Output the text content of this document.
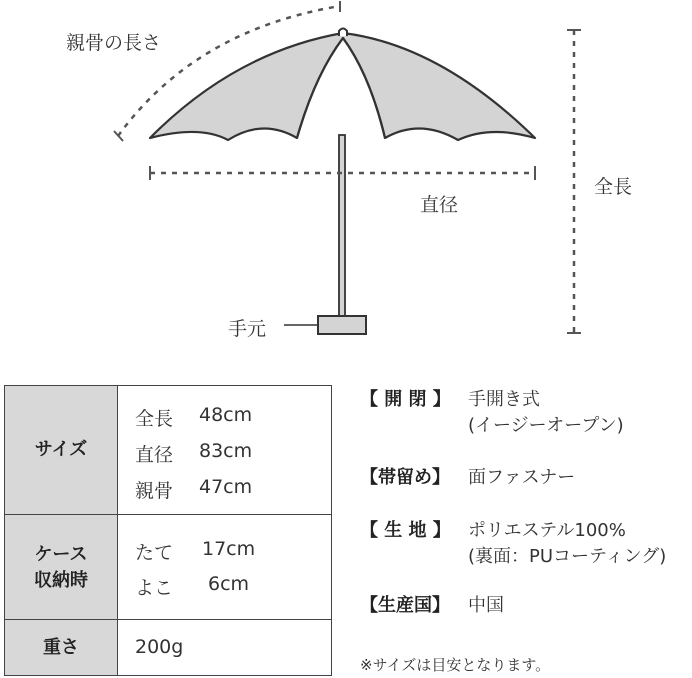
親骨の長さ
直径
全長
手元
サイズ
全長 48cm
直径 83cm
親骨 47cm
ケース
収納時
たて 17cm
よこ 6cm
重さ	200g
【 開 閉 】 手開き式
(イージーオープン)
【帯留め】 面ファスナー
【 生 地 】 ポリエステル100%
(裏面：PUコーティング)
【生産国】 中国
※サイズは目安となります。
